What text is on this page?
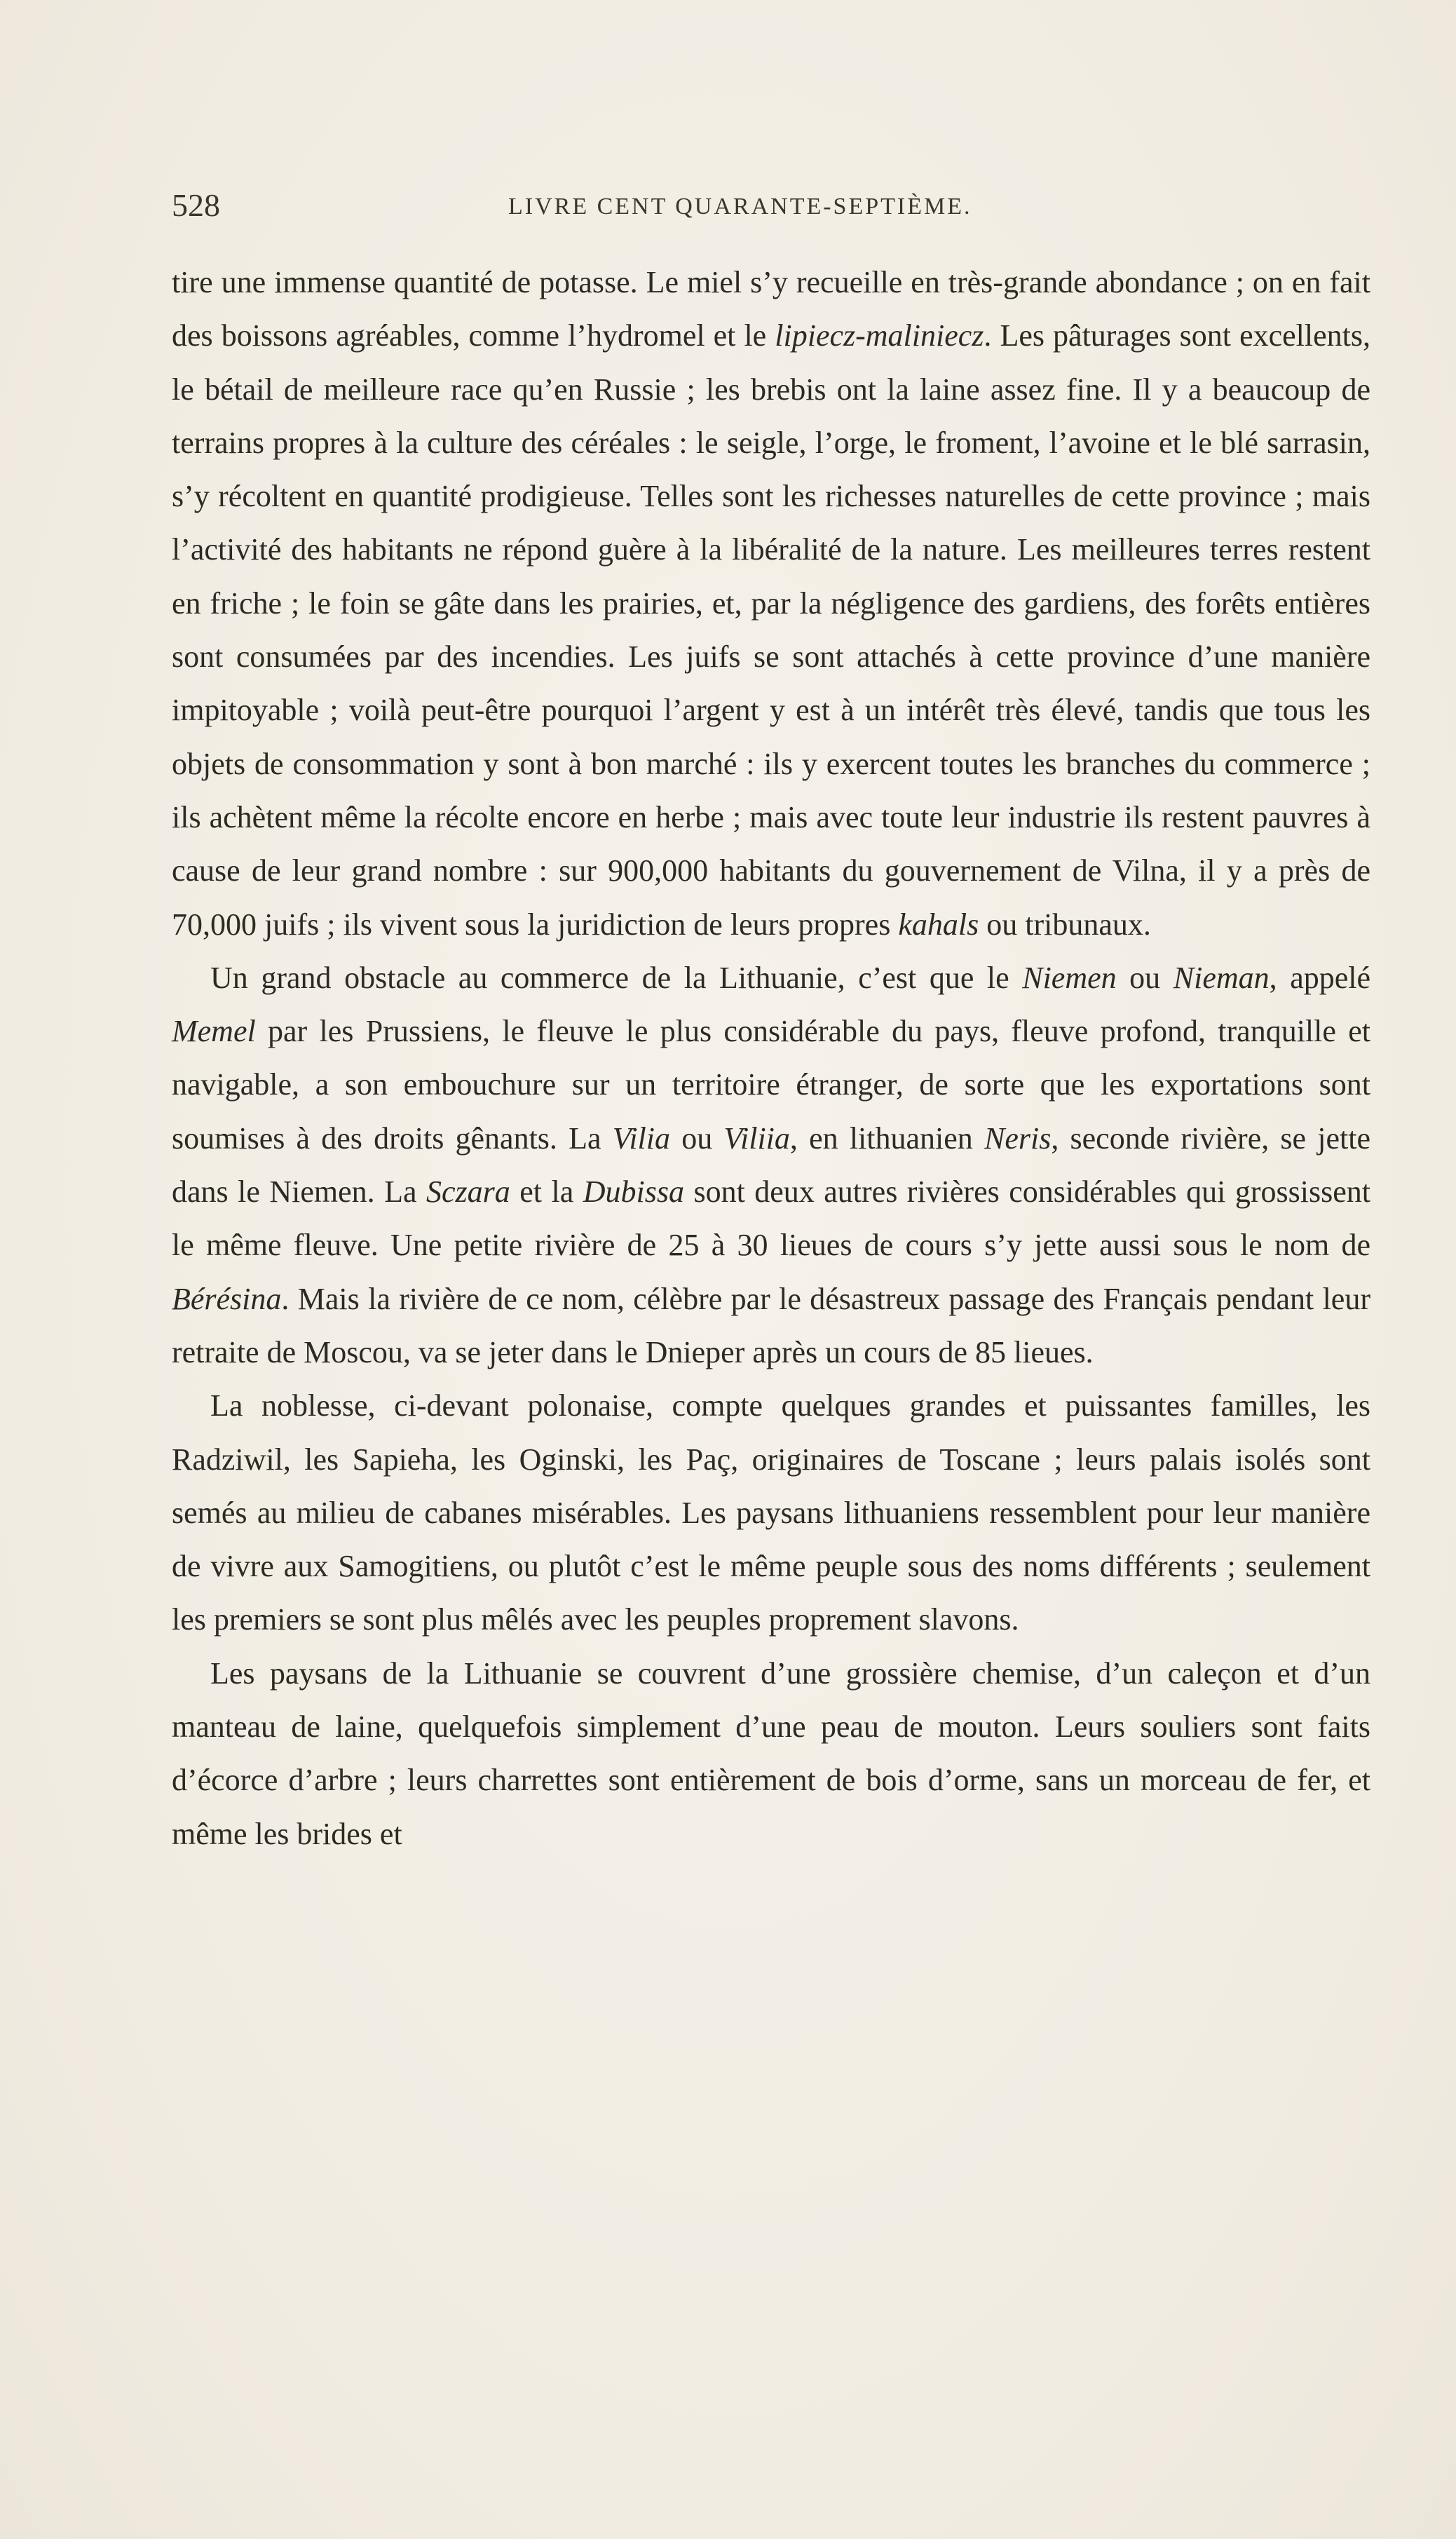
528	LIVRE CENT QUARANTE-SEPTIÈME.

tire une immense quantité de potasse. Le miel s’y recueille en très-grande abondance ; on en fait des boissons agréables, comme l’hydromel et le lipiecz-maliniecz. Les pâturages sont excellents, le bétail de meilleure race qu’en Russie ; les brebis ont la laine assez fine. Il y a beaucoup de terrains propres à la culture des céréales : le seigle, l’orge, le froment, l’avoine et le blé sarrasin, s’y récoltent en quantité prodigieuse. Telles sont les richesses naturelles de cette province ; mais l’activité des habitants ne répond guère à la libéralité de la nature. Les meilleures terres restent en friche ; le foin se gâte dans les prairies, et, par la négligence des gardiens, des forêts entières sont consumées par des incendies. Les juifs se sont attachés à cette province d’une manière impitoyable ; voilà peut-être pourquoi l’argent y est à un intérêt très élevé, tandis que tous les objets de consommation y sont à bon marché : ils y exercent toutes les branches du commerce ; ils achètent même la récolte encore en herbe ; mais avec toute leur industrie ils restent pauvres à cause de leur grand nombre : sur 900,000 habitants du gouvernement de Vilna, il y a près de 70,000 juifs ; ils vivent sous la juridiction de leurs propres kahals ou tribunaux.

Un grand obstacle au commerce de la Lithuanie, c’est que le Niemen ou Nieman, appelé Memel par les Prussiens, le fleuve le plus considérable du pays, fleuve profond, tranquille et navigable, a son embouchure sur un territoire étranger, de sorte que les exportations sont soumises à des droits gênants. La Vilia ou Viliia, en lithuanien Neris, seconde rivière, se jette dans le Niemen. La Sczara et la Dubissa sont deux autres rivières considérables qui grossissent le même fleuve. Une petite rivière de 25 à 30 lieues de cours s’y jette aussi sous le nom de Bérésina. Mais la rivière de ce nom, célèbre par le désastreux passage des Français pendant leur retraite de Moscou, va se jeter dans le Dnieper après un cours de 85 lieues.

La noblesse, ci-devant polonaise, compte quelques grandes et puissantes familles, les Radziwil, les Sapieha, les Oginski, les Paç, originaires de Toscane ; leurs palais isolés sont semés au milieu de cabanes misérables. Les paysans lithuaniens ressemblent pour leur manière de vivre aux Samogitiens, ou plutôt c’est le même peuple sous des noms différents ; seulement les premiers se sont plus mêlés avec les peuples proprement slavons.

Les paysans de la Lithuanie se couvrent d’une grossière chemise, d’un caleçon et d’un manteau de laine, quelquefois simplement d’une peau de mouton. Leurs souliers sont faits d’écorce d’arbre ; leurs charrettes sont entièrement de bois d’orme, sans un morceau de fer, et même les brides et
